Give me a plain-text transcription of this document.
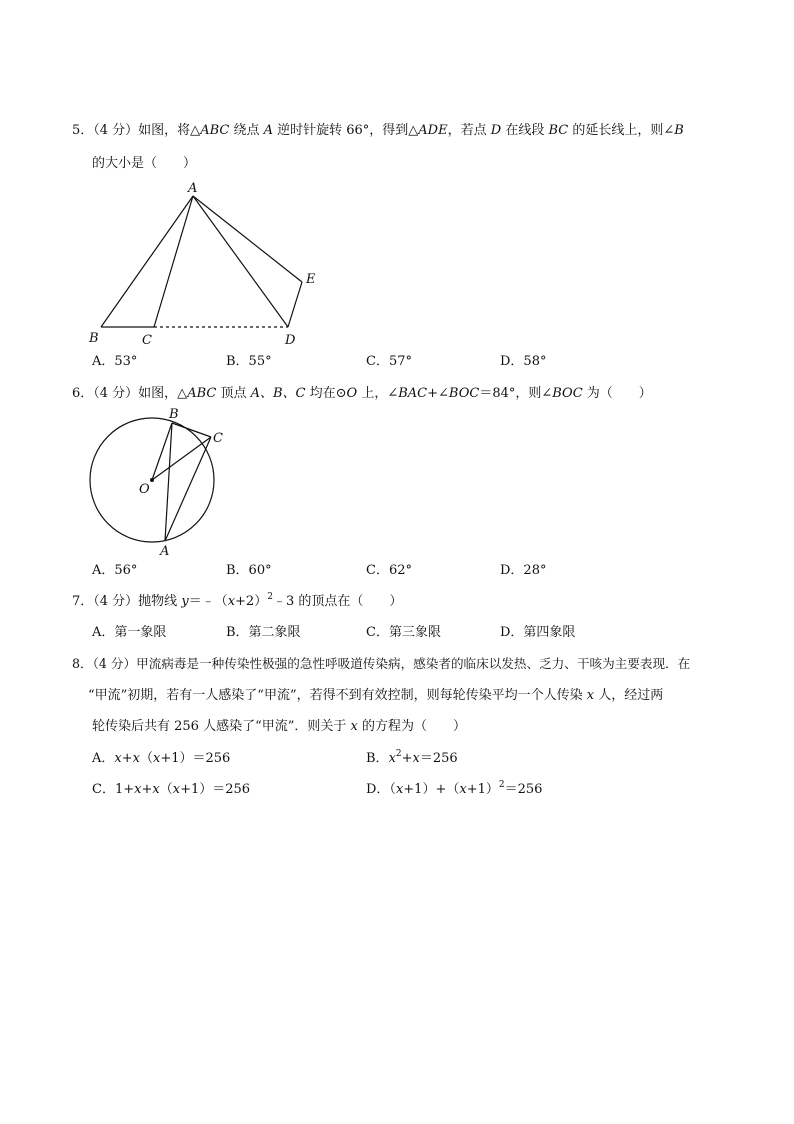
5．（4 分）如图，将△ABC 绕点 A 逆时针旋转 66°，得到△ADE，若点 D 在线段 BC 的延长线上，则∠B
的大小是（　　）
A
B	C	D
E
A．53°	B．55°	C．57°	D．58°
6．（4 分）如图，△ABC 顶点 A、B、C 均在⊙O 上，∠BAC+∠BOC＝84°，则∠BOC 为（　　）
B
C
O
A
A．56°	B．60°	C．62°	D．28°
7．（4 分）抛物线 $y=﹣(x+2)^2﹣3$ 的顶点在（　　）
A．第一象限	B．第二象限	C．第三象限	D．第四象限
8．（4 分）甲流病毒是一种传染性极强的急性呼吸道传染病，感染者的临床以发热、乏力、干咳为主要表现．在
“甲流”初期，若有一人感染了“甲流”，若得不到有效控制，则每轮传染平均一个人传染 x 人，经过两
轮传染后共有 256 人感染了“甲流”．则关于 x 的方程为（　　）
A．x+x（x+1）＝256	B．$x^2+x=256$
C．1+x+x（x+1）＝256	D．$(x+1)+(x+1)^2=256$
